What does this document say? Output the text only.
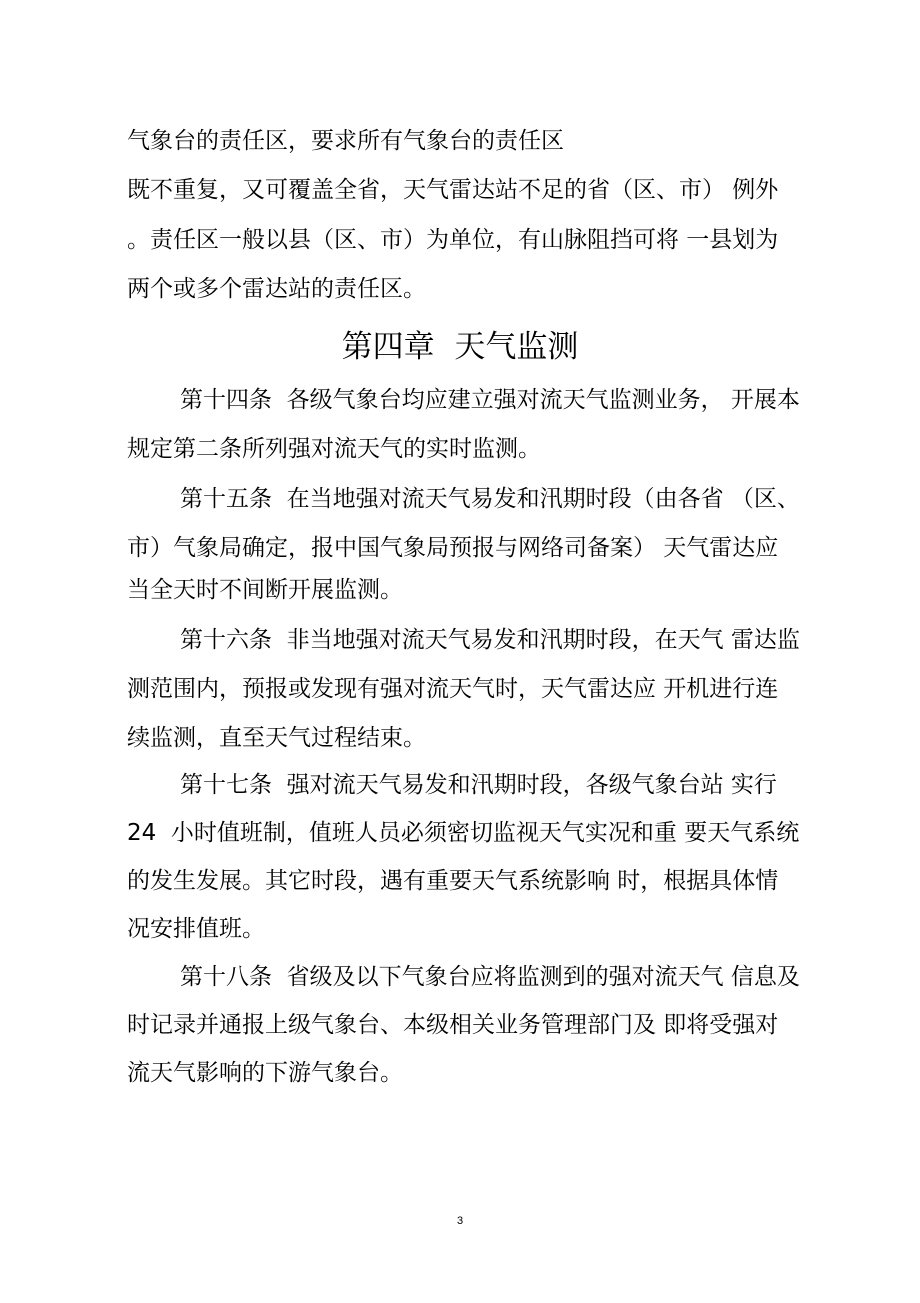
气象台的责任区，要求所有气象台的责任区
既不重复，又可覆盖全省，天气雷达站不足的省（区、市） 例外
。责任区一般以县（区、市）为单位，有山脉阻挡可将 一县划为
两个或多个雷达站的责任区。
第四章  天气监测
第十四条  各级气象台均应建立强对流天气监测业务， 开展本
规定第二条所列强对流天气的实时监测。
第十五条  在当地强对流天气易发和汛期时段（由各省 （区、
市）气象局确定，报中国气象局预报与网络司备案） 天气雷达应
当全天时不间断开展监测。
第十六条  非当地强对流天气易发和汛期时段，在天气 雷达监
测范围内，预报或发现有强对流天气时，天气雷达应 开机进行连
续监测，直至天气过程结束。
第十七条  强对流天气易发和汛期时段，各级气象台站 实行
24  小时值班制，值班人员必须密切监视天气实况和重 要天气系统
的发生发展。其它时段，遇有重要天气系统影响 时，根据具体情
况安排值班。
第十八条  省级及以下气象台应将监测到的强对流天气 信息及
时记录并通报上级气象台、本级相关业务管理部门及 即将受强对
流天气影响的下游气象台。
3
